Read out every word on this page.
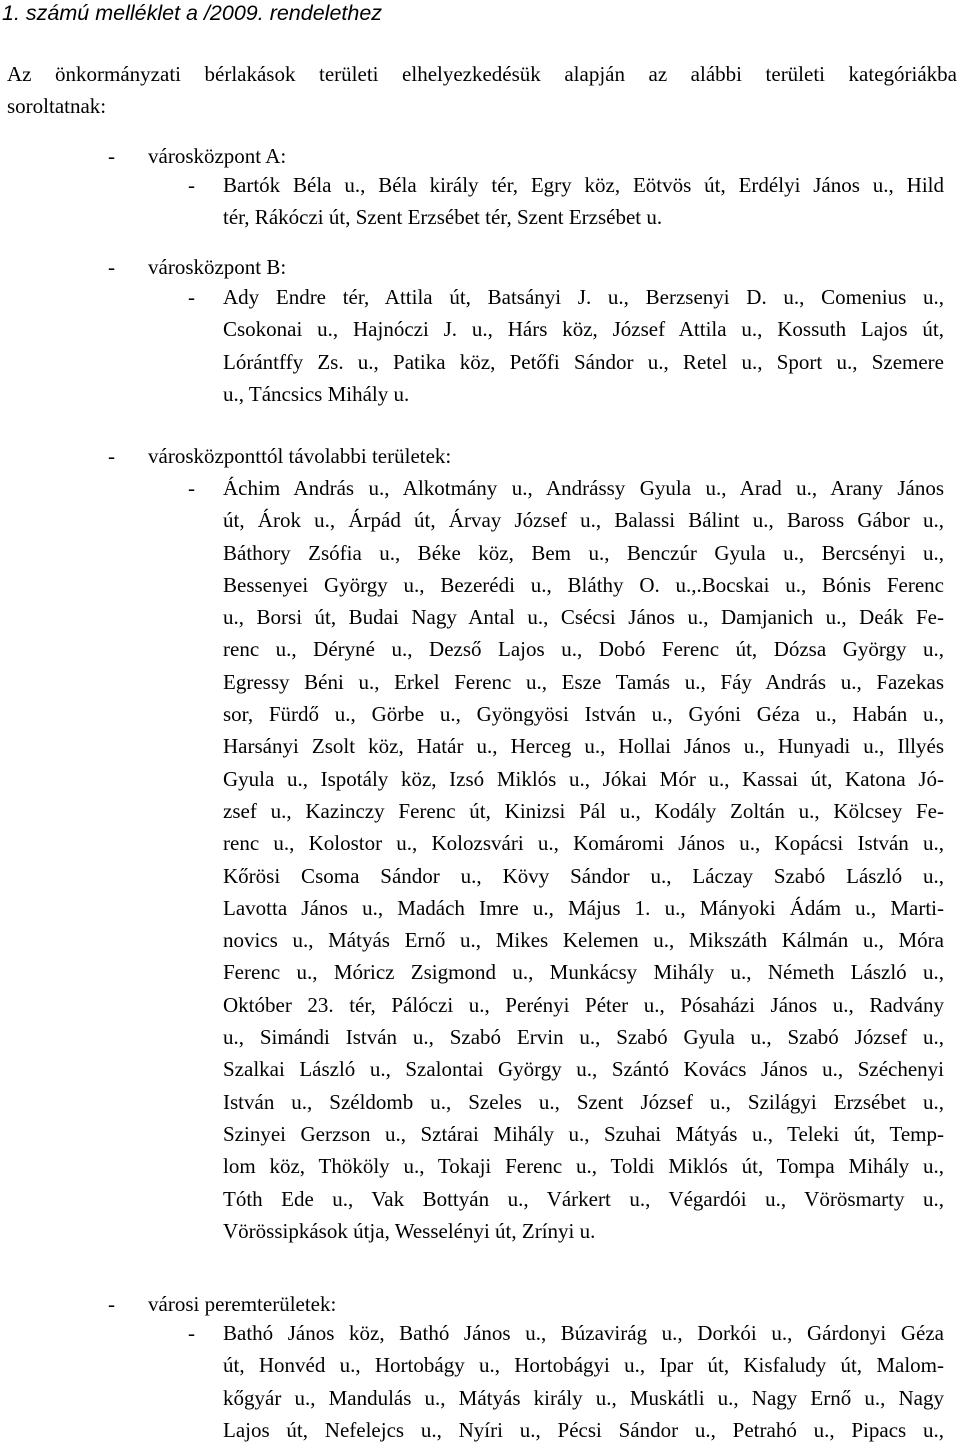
1. számú melléklet a /2009. rendelethez
Az önkormányzati bérlakások területi elhelyezkedésük alapján az alábbi területi kategóriákba
soroltatnak:
- városközpont A:
- Bartók Béla u., Béla király tér, Egry köz, Eötvös út, Erdélyi János u., Hild
tér, Rákóczi út, Szent Erzsébet tér, Szent Erzsébet u.
- városközpont B:
- Ady Endre tér, Attila út, Batsányi J. u., Berzsenyi D. u., Comenius u.,
Csokonai u., Hajnóczi J. u., Hárs köz, József Attila u., Kossuth Lajos út,
Lórántffy Zs. u., Patika köz, Petőfi Sándor u., Retel u., Sport u., Szemere
u., Táncsics Mihály u.
- városközponttól távolabbi területek:
- Áchim András u., Alkotmány u., Andrássy Gyula u., Arad u., Arany János
út, Árok u., Árpád út, Árvay József u., Balassi Bálint u., Baross Gábor u.,
Báthory Zsófia u., Béke köz, Bem u., Benczúr Gyula u., Bercsényi u.,
Bessenyei György u., Bezerédi u., Bláthy O. u.,.Bocskai u., Bónis Ferenc
u., Borsi út, Budai Nagy Antal u., Csécsi János u., Damjanich u., Deák Fe-
renc u., Déryné u., Dezső Lajos u., Dobó Ferenc út, Dózsa György u.,
Egressy Béni u., Erkel Ferenc u., Esze Tamás u., Fáy András u., Fazekas
sor, Fürdő u., Görbe u., Gyöngyösi István u., Gyóni Géza u., Habán u.,
Harsányi Zsolt köz, Határ u., Herceg u., Hollai János u., Hunyadi u., Illyés
Gyula u., Ispotály köz, Izsó Miklós u., Jókai Mór u., Kassai út, Katona Jó-
zsef u., Kazinczy Ferenc út, Kinizsi Pál u., Kodály Zoltán u., Kölcsey Fe-
renc u., Kolostor u., Kolozsvári u., Komáromi János u., Kopácsi István u.,
Kőrösi Csoma Sándor u., Kövy Sándor u., Láczay Szabó László u.,
Lavotta János u., Madách Imre u., Május 1. u., Mányoki Ádám u., Marti-
novics u., Mátyás Ernő u., Mikes Kelemen u., Mikszáth Kálmán u., Móra
Ferenc u., Móricz Zsigmond u., Munkácsy Mihály u., Németh László u.,
Október 23. tér, Pálóczi u., Perényi Péter u., Pósaházi János u., Radvány
u., Simándi István u., Szabó Ervin u., Szabó Gyula u., Szabó József u.,
Szalkai László u., Szalontai György u., Szántó Kovács János u., Széchenyi
István u., Széldomb u., Szeles u., Szent József u., Szilágyi Erzsébet u.,
Szinyei Gerzson u., Sztárai Mihály u., Szuhai Mátyás u., Teleki út, Temp-
lom köz, Thököly u., Tokaji Ferenc u., Toldi Miklós út, Tompa Mihály u.,
Tóth Ede u., Vak Bottyán u., Várkert u., Végardói u., Vörösmarty u.,
Vörössipkások útja, Wesselényi út, Zrínyi u.
- városi peremterületek:
- Bathó János köz, Bathó János u., Búzavirág u., Dorkói u., Gárdonyi Géza
út, Honvéd u., Hortobágy u., Hortobágyi u., Ipar út, Kisfaludy út, Malom-
kőgyár u., Mandulás u., Mátyás király u., Muskátli u., Nagy Ernő u., Nagy
Lajos út, Nefelejcs u., Nyíri u., Pécsi Sándor u., Petrahó u., Pipacs u.,
